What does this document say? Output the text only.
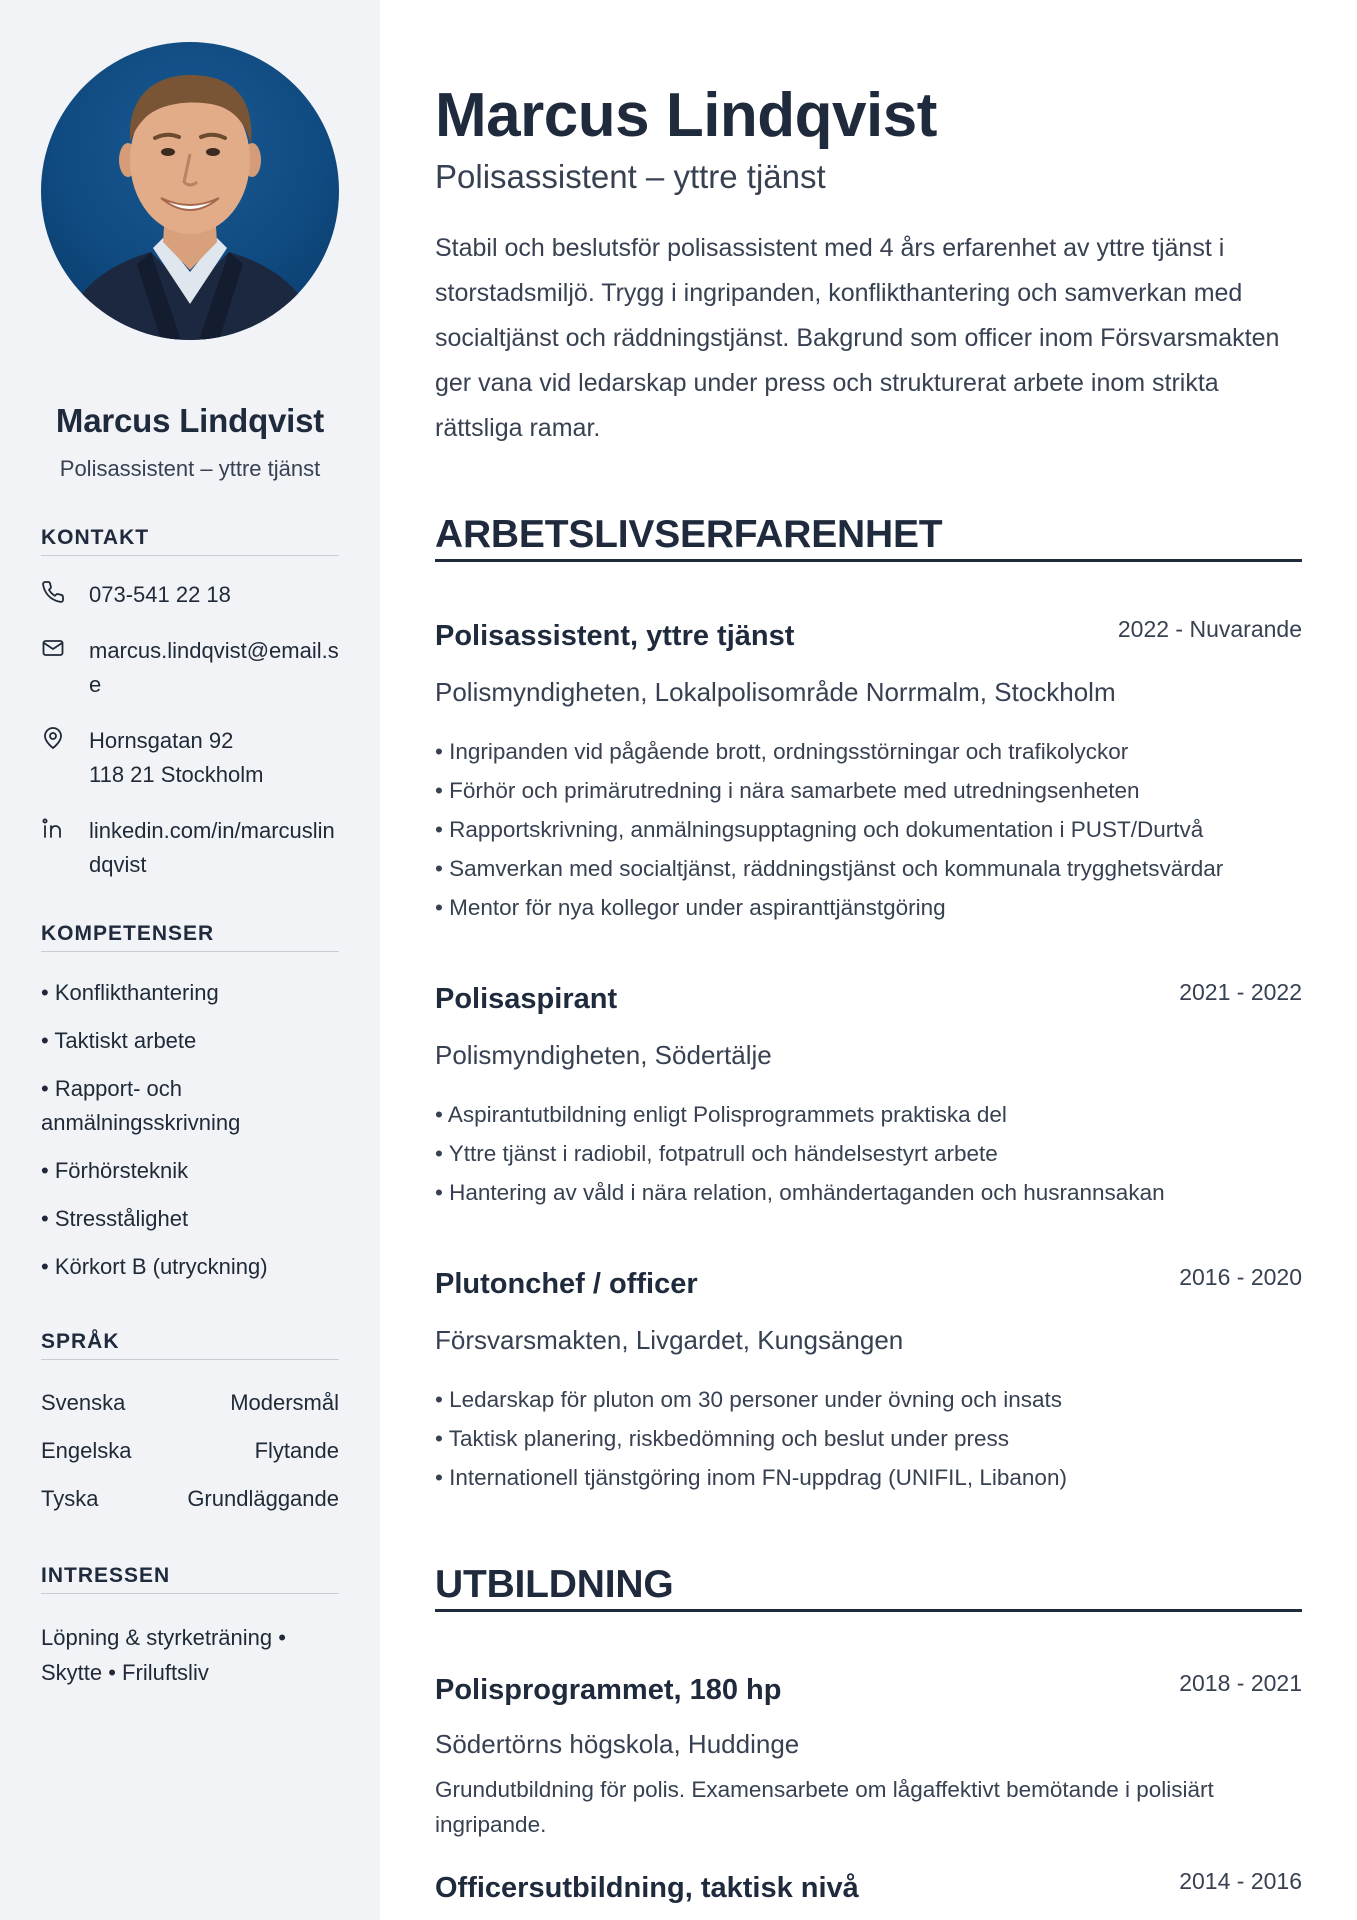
Marcus Lindqvist
Polisassistent – yttre tjänst
KONTAKT
073-541 22 18
marcus.lindqvist@email.se
Hornsgatan 92
118 21 Stockholm
linkedin.com/in/marcuslindqvist
KOMPETENSER
• Konflikthantering
• Taktiskt arbete
• Rapport- och anmälningsskrivning
• Förhörsteknik
• Stresstålighet
• Körkort B (utryckning)
SPRÅK
Svenska	Modersmål
Engelska	Flytande
Tyska	Grundläggande
INTRESSEN
Löpning & styrketräning • Skytte • Friluftsliv
Marcus Lindqvist
Polisassistent – yttre tjänst

Stabil och beslutsför polisassistent med 4 års erfarenhet av yttre tjänst i storstadsmiljö. Trygg i ingripanden, konflikthantering och samverkan med socialtjänst och räddningstjänst. Bakgrund som officer inom Försvarsmakten ger vana vid ledarskap under press och strukturerat arbete inom strikta rättsliga ramar.

ARBETSLIVSERFARENHET
Polisassistent, yttre tjänst	2022 - Nuvarande
Polismyndigheten, Lokalpolisområde Norrmalm, Stockholm
• Ingripanden vid pågående brott, ordningsstörningar och trafikolyckor
• Förhör och primärutredning i nära samarbete med utredningsenheten
• Rapportskrivning, anmälningsupptagning och dokumentation i PUST/Durtvå
• Samverkan med socialtjänst, räddningstjänst och kommunala trygghetsvärdar
• Mentor för nya kollegor under aspiranttjänstgöring
Polisaspirant	2021 - 2022
Polismyndigheten, Södertälje
• Aspirantutbildning enligt Polisprogrammets praktiska del
• Yttre tjänst i radiobil, fotpatrull och händelsestyrt arbete
• Hantering av våld i nära relation, omhändertaganden och husrannsakan
Plutonchef / officer	2016 - 2020
Försvarsmakten, Livgardet, Kungsängen
• Ledarskap för pluton om 30 personer under övning och insats
• Taktisk planering, riskbedömning och beslut under press
• Internationell tjänstgöring inom FN-uppdrag (UNIFIL, Libanon)
UTBILDNING
Polisprogrammet, 180 hp	2018 - 2021
Södertörns högskola, Huddinge
Grundutbildning för polis. Examensarbete om lågaffektivt bemötande i polisiärt ingripande.
Officersutbildning, taktisk nivå	2014 - 2016
